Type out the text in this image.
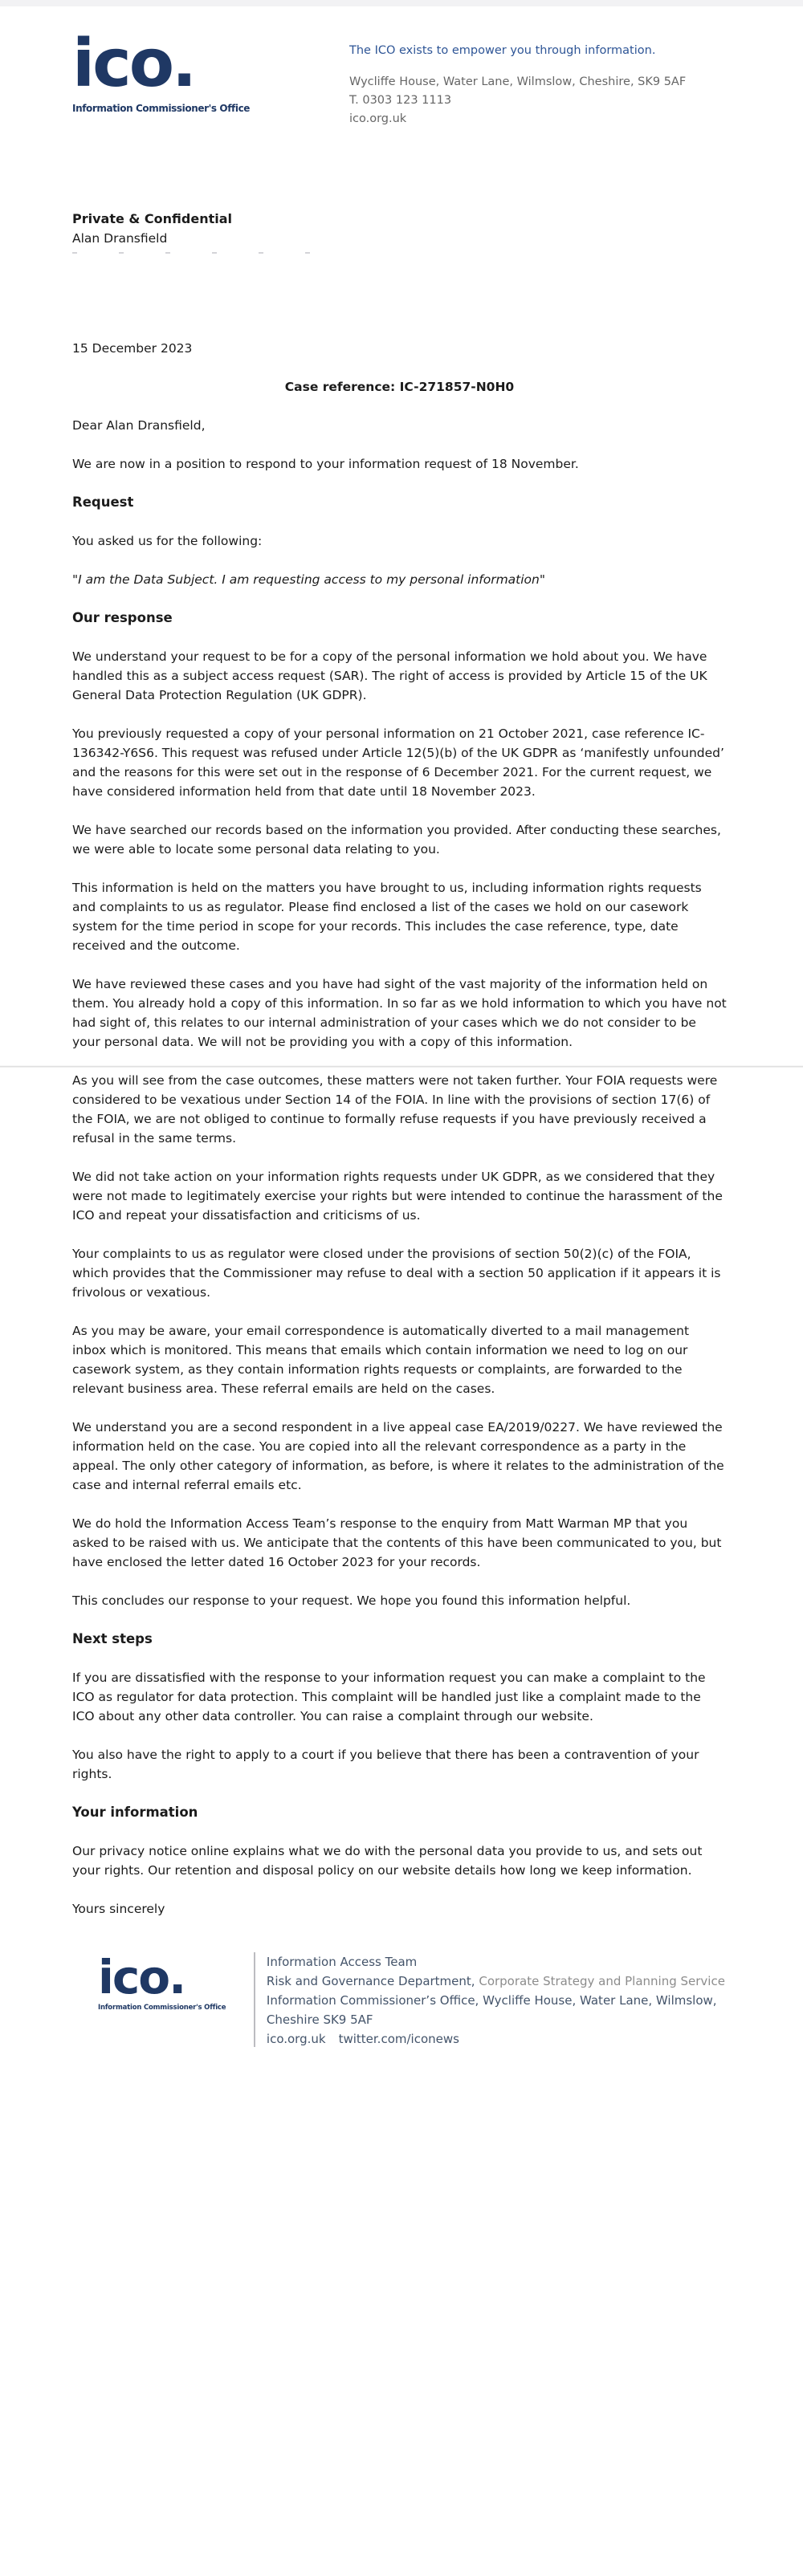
ico.
Information Commissioner's Office
The ICO exists to empower you through information.
Wycliffe House, Water Lane, Wilmslow, Cheshire, SK9 5AF
T. 0303 123 1113
ico.org.uk
Private & Confidential
Alan Dransfield

15 December 2023

Case reference: IC-271857-N0H0

Dear Alan Dransfield,

We are now in a position to respond to your information request of 18 November.

Request

You asked us for the following:

"I am the Data Subject. I am requesting access to my personal information"

Our response

We understand your request to be for a copy of the personal information we hold about you. We have handled this as a subject access request (SAR). The right of access is provided by Article 15 of the UK General Data Protection Regulation (UK GDPR).

You previously requested a copy of your personal information on 21 October 2021, case reference IC-136342-Y6S6. This request was refused under Article 12(5)(b) of the UK GDPR as ‘manifestly unfounded’ and the reasons for this were set out in the response of 6 December 2021. For the current request, we have considered information held from that date until 18 November 2023.

We have searched our records based on the information you provided. After conducting these searches, we were able to locate some personal data relating to you.

This information is held on the matters you have brought to us, including information rights requests and complaints to us as regulator. Please find enclosed a list of the cases we hold on our casework system for the time period in scope for your records. This includes the case reference, type, date received and the outcome.

We have reviewed these cases and you have had sight of the vast majority of the information held on them. You already hold a copy of this information. In so far as we hold information to which you have not had sight of, this relates to our internal administration of your cases which we do not consider to be your personal data. We will not be providing you with a copy of this information.

As you will see from the case outcomes, these matters were not taken further. Your FOIA requests were considered to be vexatious under Section 14 of the FOIA. In line with the provisions of section 17(6) of the FOIA, we are not obliged to continue to formally refuse requests if you have previously received a refusal in the same terms.

We did not take action on your information rights requests under UK GDPR, as we considered that they were not made to legitimately exercise your rights but were intended to continue the harassment of the ICO and repeat your dissatisfaction and criticisms of us.

Your complaints to us as regulator were closed under the provisions of section 50(2)(c) of the FOIA, which provides that the Commissioner may refuse to deal with a section 50 application if it appears it is frivolous or vexatious.

As you may be aware, your email correspondence is automatically diverted to a mail management inbox which is monitored. This means that emails which contain information we need to log on our casework system, as they contain information rights requests or complaints, are forwarded to the relevant business area. These referral emails are held on the cases.

We understand you are a second respondent in a live appeal case EA/2019/0227. We have reviewed the information held on the case. You are copied into all the relevant correspondence as a party in the appeal. The only other category of information, as before, is where it relates to the administration of the case and internal referral emails etc.

We do hold the Information Access Team’s response to the enquiry from Matt Warman MP that you asked to be raised with us. We anticipate that the contents of this have been communicated to you, but have enclosed the letter dated 16 October 2023 for your records.

This concludes our response to your request. We hope you found this information helpful.

Next steps

If you are dissatisfied with the response to your information request you can make a complaint to the ICO as regulator for data protection. This complaint will be handled just like a complaint made to the ICO about any other data controller. You can raise a complaint through our website.

You also have the right to apply to a court if you believe that there has been a contravention of your rights.

Your information

Our privacy notice online explains what we do with the personal data you provide to us, and sets out your rights. Our retention and disposal policy on our website details how long we keep information.

Yours sincerely

ico.
Information Commissioner's Office
Information Access Team
Risk and Governance Department, Corporate Strategy and Planning Service
Information Commissioner’s Office, Wycliffe House, Water Lane, Wilmslow, Cheshire SK9 5AF
ico.org.uk twitter.com/iconews
